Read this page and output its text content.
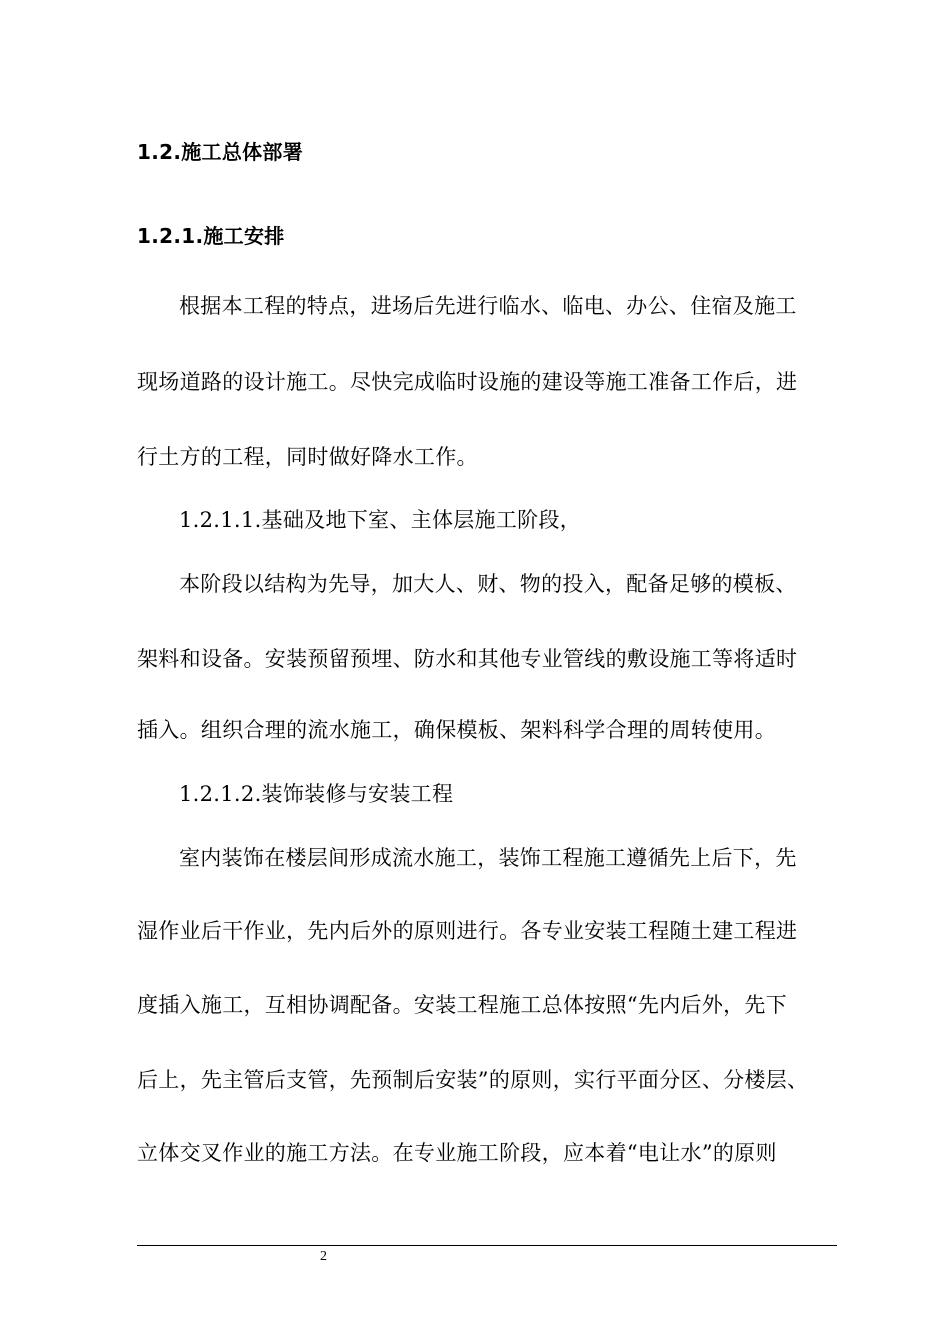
1.2.施工总体部署
1.2.1.施工安排
根据本工程的特点，进场后先进行临水、临电、办公、住宿及施工
现场道路的设计施工。尽快完成临时设施的建设等施工准备工作后，进
行土方的工程，同时做好降水工作。
1.2.1.1.基础及地下室、主体层施工阶段，
本阶段以结构为先导，加大人、财、物的投入，配备足够的模板、
架料和设备。安装预留预埋、防水和其他专业管线的敷设施工等将适时
插入。组织合理的流水施工，确保模板、架料科学合理的周转使用。
1.2.1.2.装饰装修与安装工程
室内装饰在楼层间形成流水施工，装饰工程施工遵循先上后下，先
湿作业后干作业，先内后外的原则进行。各专业安装工程随土建工程进
度插入施工，互相协调配备。安装工程施工总体按照“先内后外，先下
后上，先主管后支管，先预制后安装”的原则，实行平面分区、分楼层、
立体交叉作业的施工方法。在专业施工阶段，应本着“电让水”的原则
2
